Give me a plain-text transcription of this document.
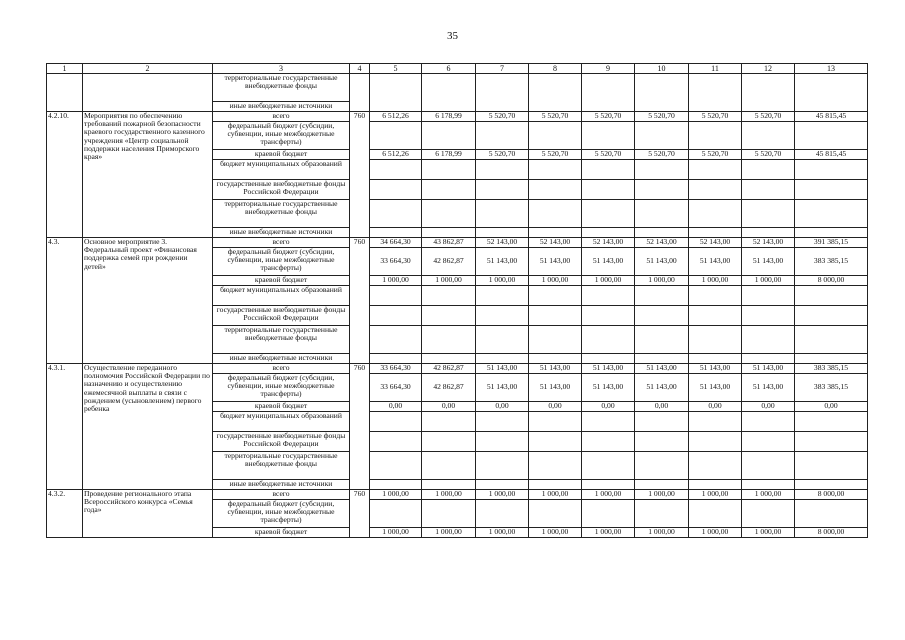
35
1	2	3	4	5	6	7	8	9	10	11	12	13
		территориальные государственные внебюджетные фонды										
		иные внебюджетные источники										
4.2.10.	Мероприятия по обеспечению требований пожарной безопасности краевого государственного казенного учреждения «Центр социальной поддержки населения Приморского края»	всего	760	6 512,26	6 178,99	5 520,70	5 520,70	5 520,70	5 520,70	5 520,70	5 520,70	45 815,45
		федеральный бюджет (субсидии, субвенции, иные межбюджетные трансферты)										
		краевой бюджет		6 512,26	6 178,99	5 520,70	5 520,70	5 520,70	5 520,70	5 520,70	5 520,70	45 815,45
		бюджет муниципальных образований										
		государственные внебюджетные фонды Российской Федерации										
		территориальные государственные внебюджетные фонды										
		иные внебюджетные источники										
4.3.	Основное мероприятие 3. Федеральный проект «Финансовая поддержка семей при рождении детей»	всего	760	34 664,30	43 862,87	52 143,00	52 143,00	52 143,00	52 143,00	52 143,00	52 143,00	391 385,15
		федеральный бюджет (субсидии, субвенции, иные межбюджетные трансферты)		33 664,30	42 862,87	51 143,00	51 143,00	51 143,00	51 143,00	51 143,00	51 143,00	383 385,15
		краевой бюджет		1 000,00	1 000,00	1 000,00	1 000,00	1 000,00	1 000,00	1 000,00	1 000,00	8 000,00
		бюджет муниципальных образований										
		государственные внебюджетные фонды Российской Федерации										
		территориальные государственные внебюджетные фонды										
		иные внебюджетные источники										
4.3.1.	Осуществление переданного полномочия Российской Федерации по назначению и осуществлению ежемесячной выплаты в связи с рождением (усыновлением) первого ребенка	всего	760	33 664,30	42 862,87	51 143,00	51 143,00	51 143,00	51 143,00	51 143,00	51 143,00	383 385,15
		федеральный бюджет (субсидии, субвенции, иные межбюджетные трансферты)		33 664,30	42 862,87	51 143,00	51 143,00	51 143,00	51 143,00	51 143,00	51 143,00	383 385,15
		краевой бюджет		0,00	0,00	0,00	0,00	0,00	0,00	0,00	0,00	0,00
		бюджет муниципальных образований										
		государственные внебюджетные фонды Российской Федерации										
		территориальные государственные внебюджетные фонды										
		иные внебюджетные источники										
4.3.2.	Проведение регионального этапа Всероссийского конкурса «Семья года»	всего	760	1 000,00	1 000,00	1 000,00	1 000,00	1 000,00	1 000,00	1 000,00	1 000,00	8 000,00
		федеральный бюджет (субсидии, субвенции, иные межбюджетные трансферты)										
		краевой бюджет		1 000,00	1 000,00	1 000,00	1 000,00	1 000,00	1 000,00	1 000,00	1 000,00	8 000,00
